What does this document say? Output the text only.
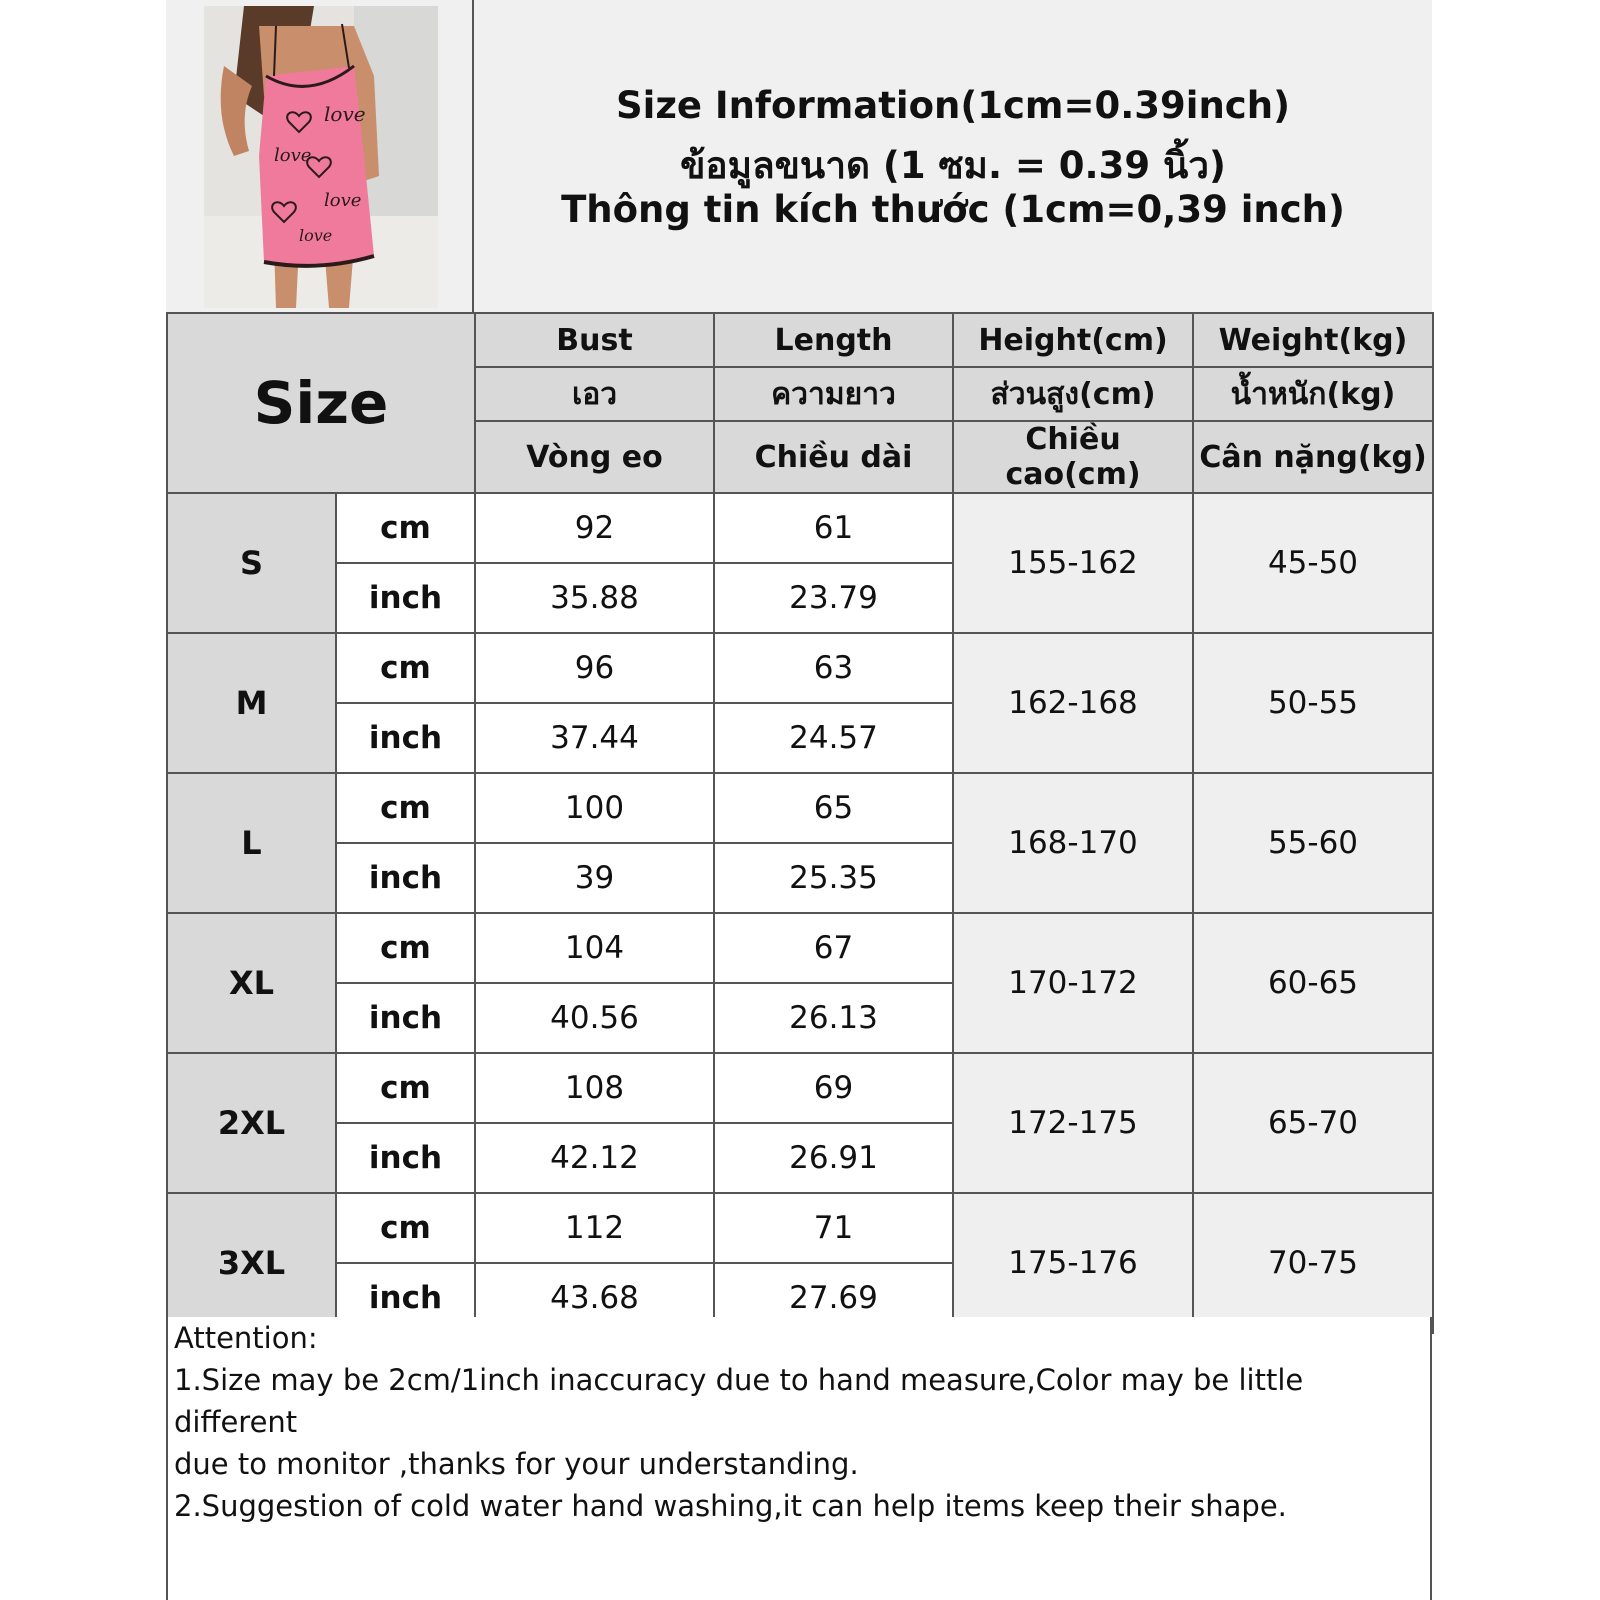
love
love
love
love
Size Information(1cm=0.39inch)
ข้อมูลขนาด (1 ซม. = 0.39 นิ้ว)
Thông tin kích thước (1cm=0,39 inch)
Size		Bust	Length	Height(cm)	Weight(kg)
		เอว	ความยาว	ส่วนสูง(cm)	น้ำหนัก(kg)
		Vòng eo	Chiều dài	Chiều cao(cm)	Cân nặng(kg)
S	cm	92	61	155-162	45-50
	inch	35.88	23.79		
M	cm	96	63	162-168	50-55
	inch	37.44	24.57		
L	cm	100	65	168-170	55-60
	inch	39	25.35		
XL	cm	104	67	170-172	60-65
	inch	40.56	26.13		
2XL	cm	108	69	172-175	65-70
	inch	42.12	26.91		
3XL	cm	112	71	175-176	70-75
	inch	43.68	27.69		
Attention:
1.Size may be 2cm/1inch inaccuracy due to hand measure,Color may be little different
due to monitor ,thanks for your understanding.
2.Suggestion of cold water hand washing,it can help items keep their shape.
